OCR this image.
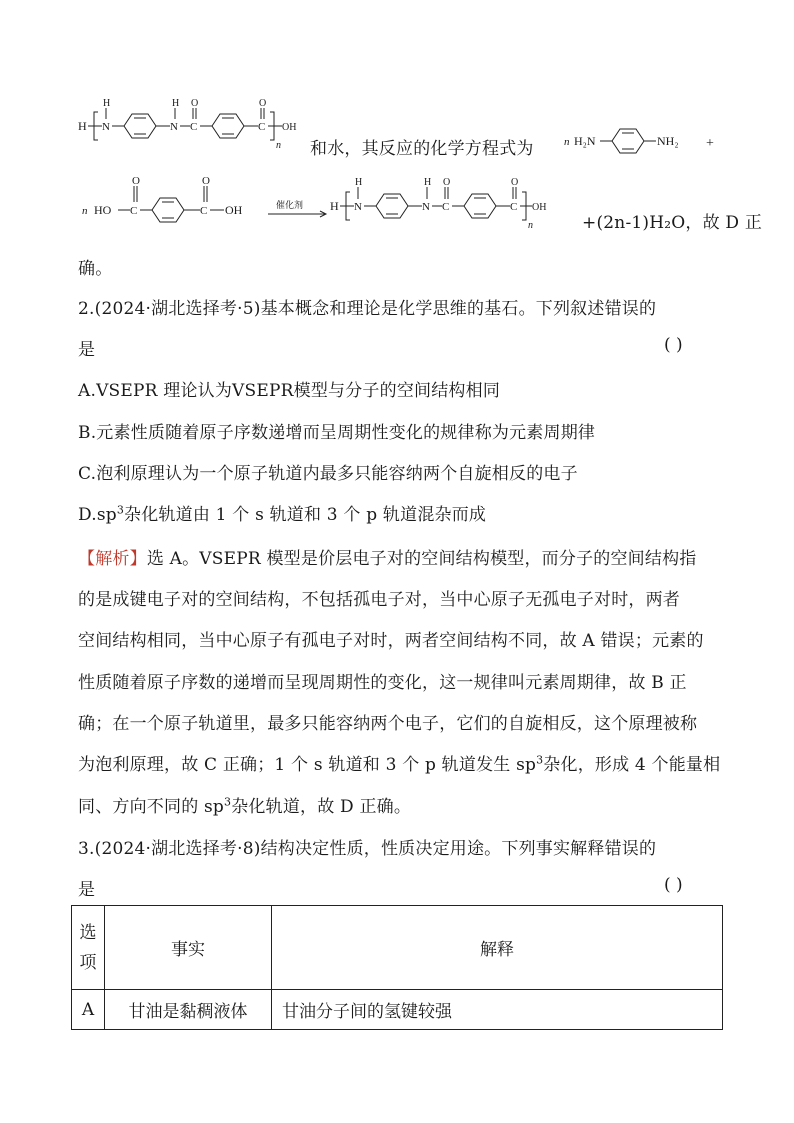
H N
H
N
H
C
O
C
O
n
OH
和水，其反应的化学方程式为	n H₂N	NH₂ +
n HO C
O
C
O
OH	催化剂 H N
H
N
H
C
O
C
O
n
OH
+(2n-1)H₂O，故 D 正
确。
2.(2024·湖北选择考·5)基本概念和理论是化学思维的基石。下列叙述错误的
是	( )
A.VSEPR 理论认为VSEPR模型与分子的空间结构相同
B.元素性质随着原子序数递增而呈周期性变化的规律称为元素周期律
C.泡利原理认为一个原子轨道内最多只能容纳两个自旋相反的电子
$D.sp^3$杂化轨道由 1 个 s 轨道和 3 个 p 轨道混杂而成
【解析】选 A。VSEPR 模型是价层电子对的空间结构模型，而分子的空间结构指
的是成键电子对的空间结构，不包括孤电子对，当中心原子无孤电子对时，两者
空间结构相同，当中心原子有孤电子对时，两者空间结构不同，故 A 错误；元素的
性质随着原子序数的递增而呈现周期性的变化，这一规律叫元素周期律，故 B 正
确；在一个原子轨道里，最多只能容纳两个电子，它们的自旋相反，这个原理被称
为泡利原理，故 C 正确；1 个 s 轨道和 3 个 p 轨道发生 $sp^3$杂化，形成 4 个能量相
同、方向不同的 $sp^3$杂化轨道，故 D 正确。
3.(2024·湖北选择考·8)结构决定性质，性质决定用途。下列事实解释错误的
是	( )
选
项	事实	解释
A	甘油是黏稠液体	甘油分子间的氢键较强
